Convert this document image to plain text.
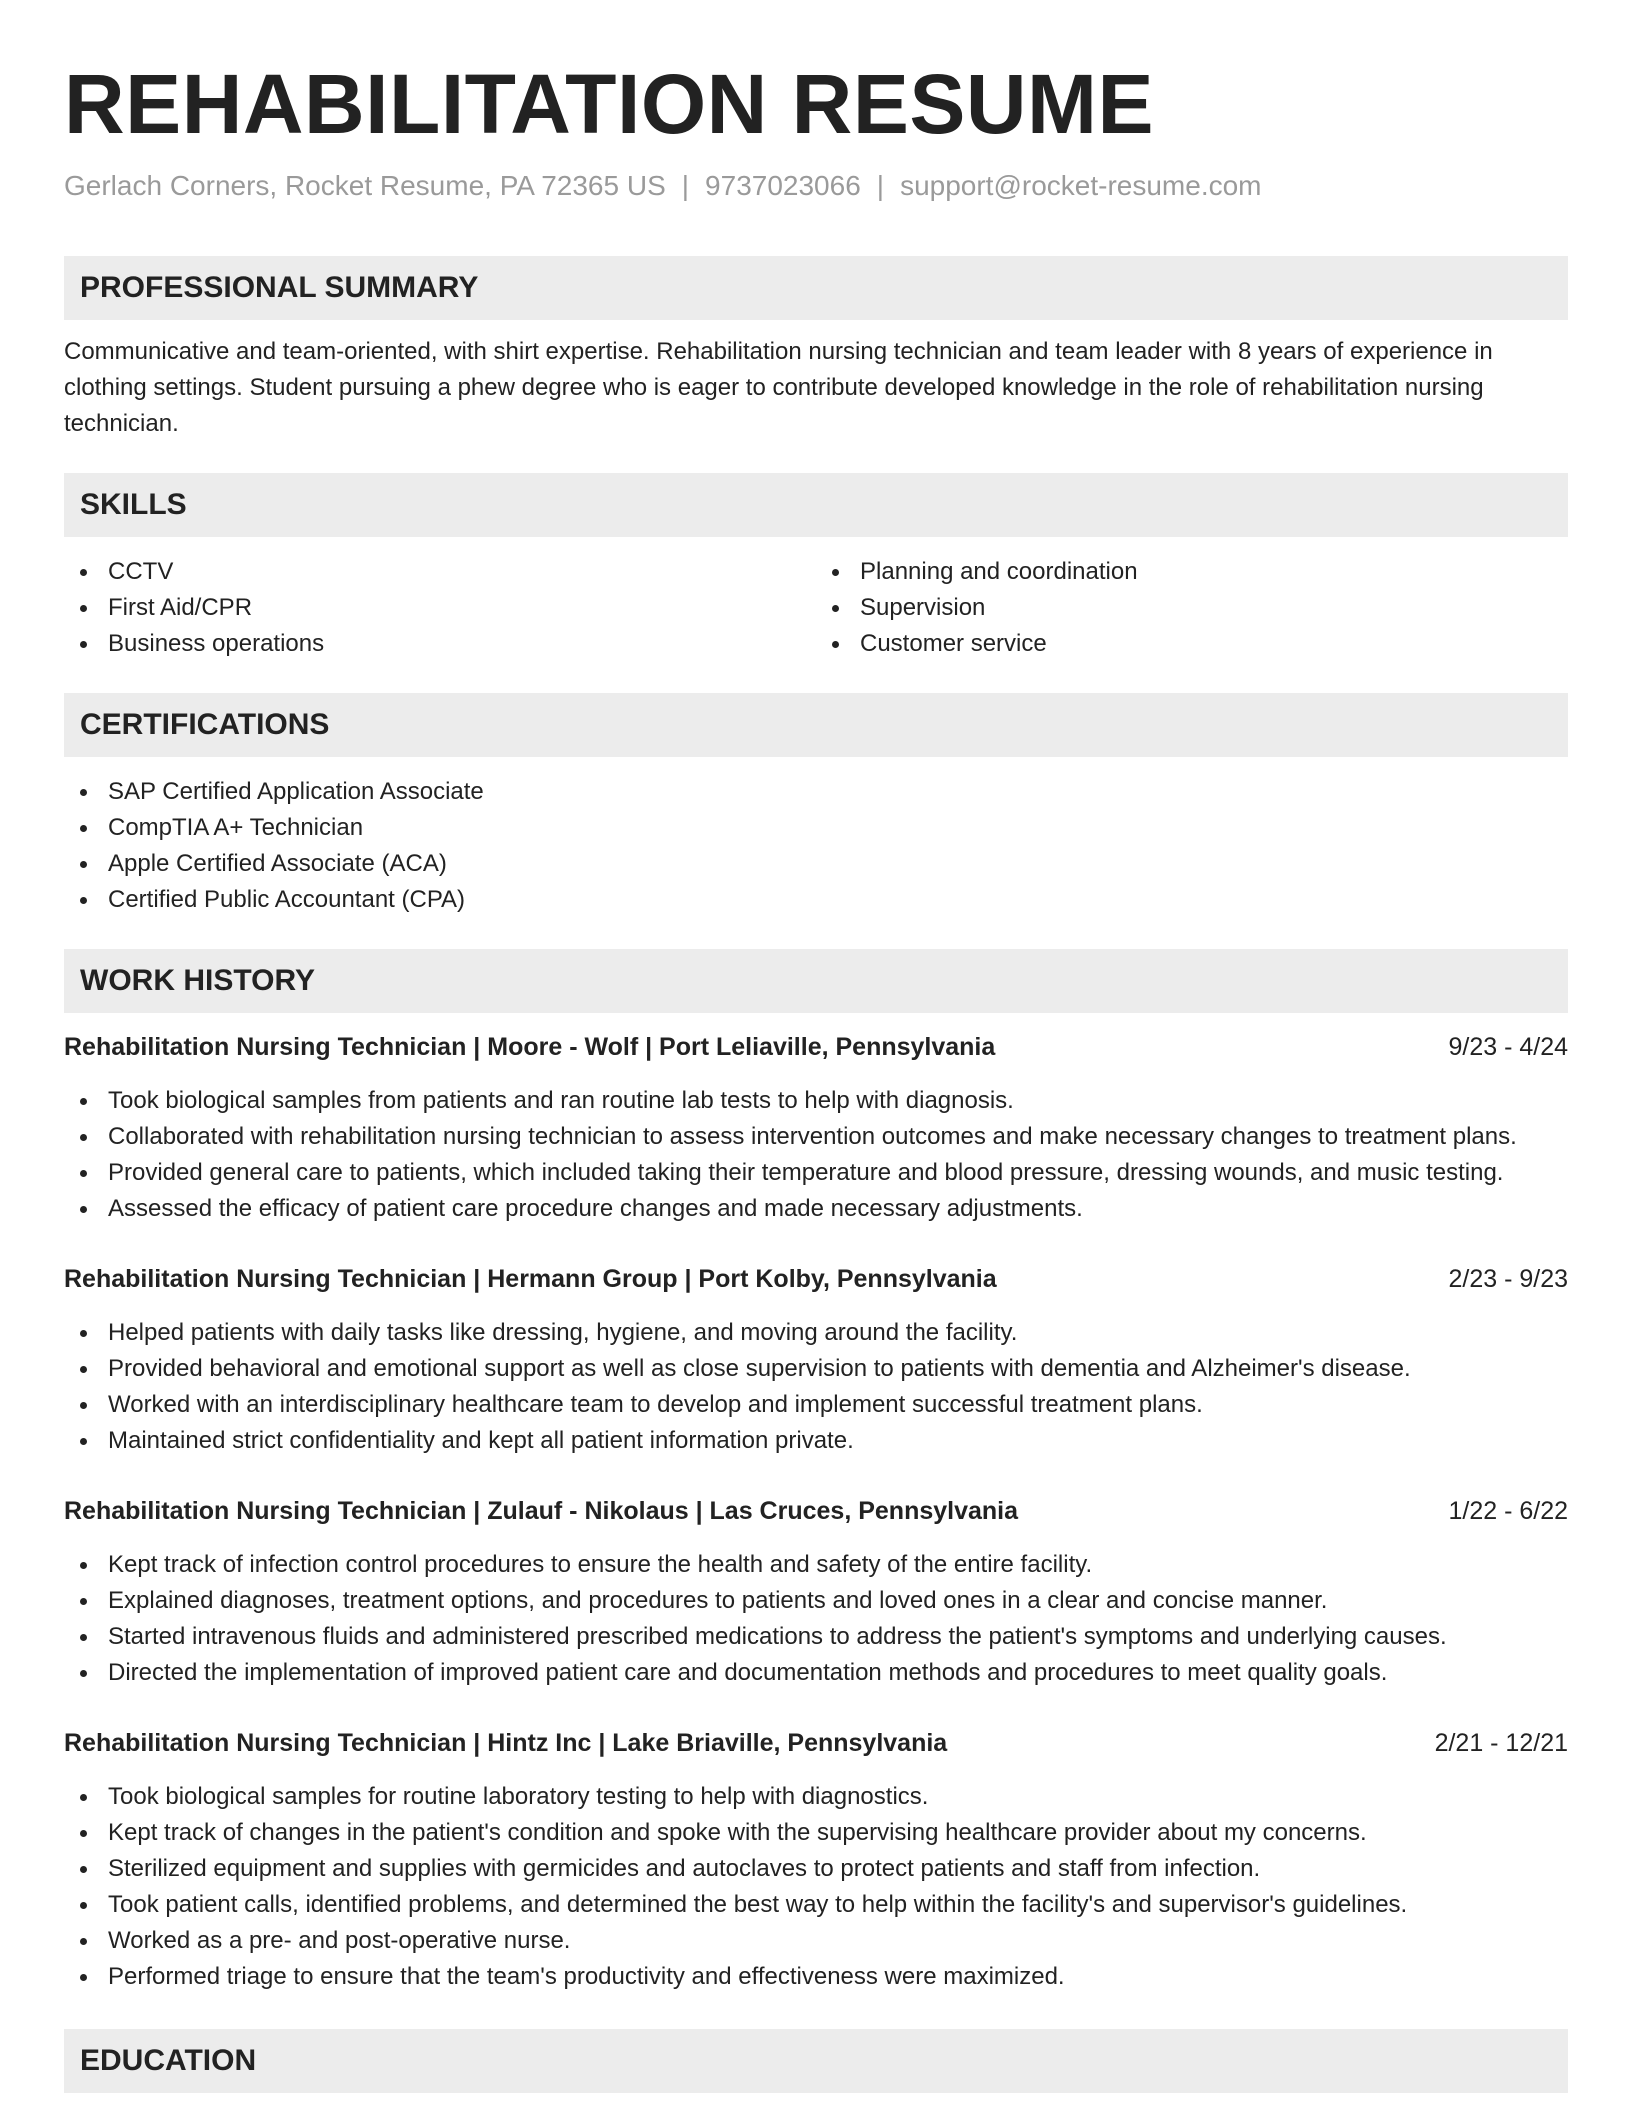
REHABILITATION RESUME
Gerlach Corners, Rocket Resume, PA 72365 US | 9737023066 | support@rocket-resume.com
PROFESSIONAL SUMMARY

Communicative and team-oriented, with shirt expertise. Rehabilitation nursing technician and team leader with 8 years of experience in clothing settings. Student pursuing a phew degree who is eager to contribute developed knowledge in the role of rehabilitation nursing technician.

SKILLS
CCTV
First Aid/CPR
Business operations
Planning and coordination
Supervision
Customer service
CERTIFICATIONS
SAP Certified Application Associate
CompTIA A+ Technician
Apple Certified Associate (ACA)
Certified Public Accountant (CPA)
WORK HISTORY
Rehabilitation Nursing Technician | Moore - Wolf | Port Leliaville, Pennsylvania	9/23 - 4/24
Took biological samples from patients and ran routine lab tests to help with diagnosis.
Collaborated with rehabilitation nursing technician to assess intervention outcomes and make necessary changes to treatment plans.
Provided general care to patients, which included taking their temperature and blood pressure, dressing wounds, and music testing.
Assessed the efficacy of patient care procedure changes and made necessary adjustments.
Rehabilitation Nursing Technician | Hermann Group | Port Kolby, Pennsylvania	2/23 - 9/23
Helped patients with daily tasks like dressing, hygiene, and moving around the facility.
Provided behavioral and emotional support as well as close supervision to patients with dementia and Alzheimer's disease.
Worked with an interdisciplinary healthcare team to develop and implement successful treatment plans.
Maintained strict confidentiality and kept all patient information private.
Rehabilitation Nursing Technician | Zulauf - Nikolaus | Las Cruces, Pennsylvania	1/22 - 6/22
Kept track of infection control procedures to ensure the health and safety of the entire facility.
Explained diagnoses, treatment options, and procedures to patients and loved ones in a clear and concise manner.
Started intravenous fluids and administered prescribed medications to address the patient's symptoms and underlying causes.
Directed the implementation of improved patient care and documentation methods and procedures to meet quality goals.
Rehabilitation Nursing Technician | Hintz Inc | Lake Briaville, Pennsylvania	2/21 - 12/21
Took biological samples for routine laboratory testing to help with diagnostics.
Kept track of changes in the patient's condition and spoke with the supervising healthcare provider about my concerns.
Sterilized equipment and supplies with germicides and autoclaves to protect patients and staff from infection.
Took patient calls, identified problems, and determined the best way to help within the facility's and supervisor's guidelines.
Worked as a pre- and post-operative nurse.
Performed triage to ensure that the team's productivity and effectiveness were maximized.
EDUCATION
